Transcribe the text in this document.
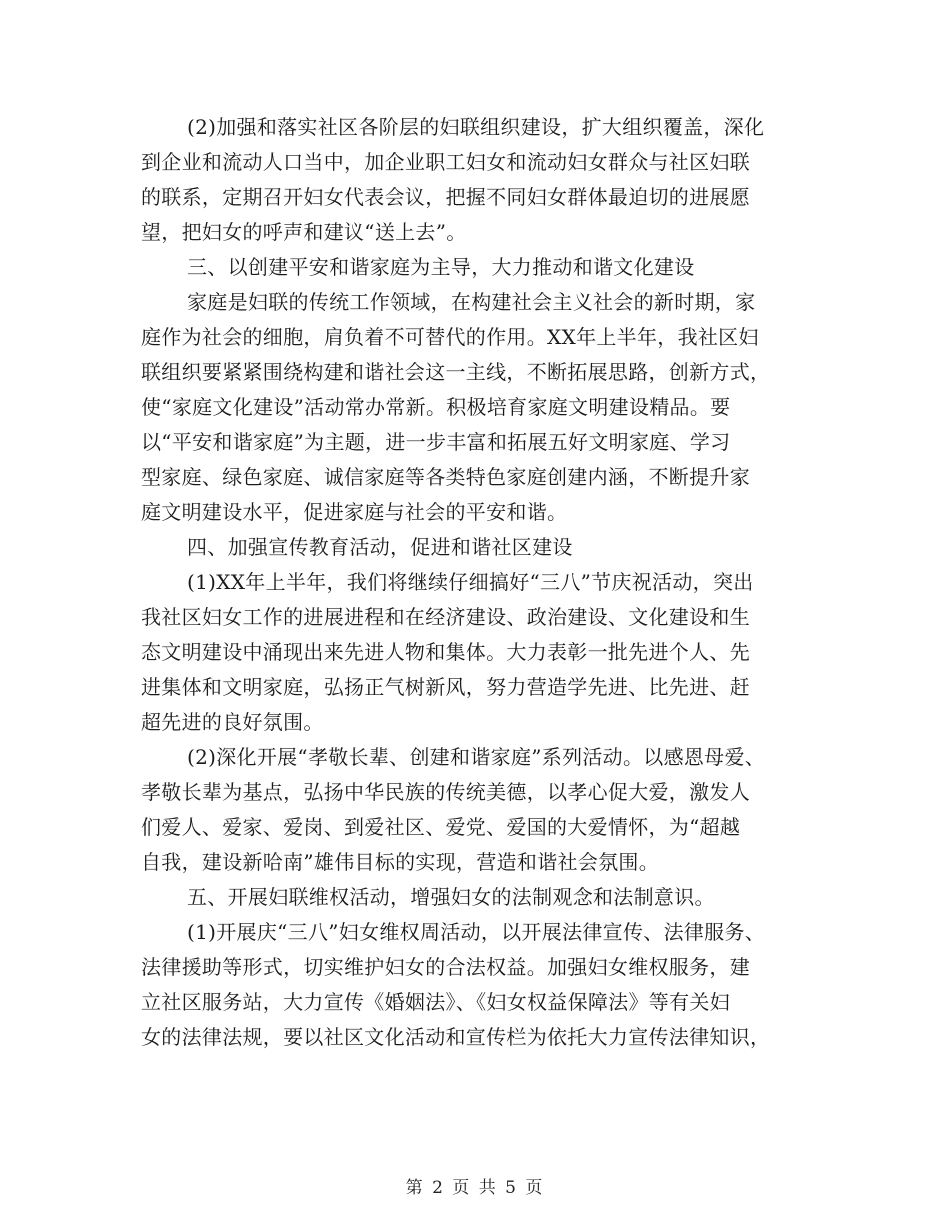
(2)加强和落实社区各阶层的妇联组织建设，扩大组织覆盖，深化
到企业和流动人口当中，加企业职工妇女和流动妇女群众与社区妇联
的联系，定期召开妇女代表会议，把握不同妇女群体最迫切的进展愿
望，把妇女的呼声和建议“送上去”。
三、以创建平安和谐家庭为主导，大力推动和谐文化建设
家庭是妇联的传统工作领域，在构建社会主义社会的新时期，家
庭作为社会的细胞，肩负着不可替代的作用。XX年上半年，我社区妇
联组织要紧紧围绕构建和谐社会这一主线，不断拓展思路，创新方式，
使“家庭文化建设”活动常办常新。积极培育家庭文明建设精品。要
以“平安和谐家庭”为主题，进一步丰富和拓展五好文明家庭、学习
型家庭、绿色家庭、诚信家庭等各类特色家庭创建内涵，不断提升家
庭文明建设水平，促进家庭与社会的平安和谐。
四、加强宣传教育活动，促进和谐社区建设
(1)XX年上半年，我们将继续仔细搞好“三八”节庆祝活动，突出
我社区妇女工作的进展进程和在经济建设、政治建设、文化建设和生
态文明建设中涌现出来先进人物和集体。大力表彰一批先进个人、先
进集体和文明家庭，弘扬正气树新风，努力营造学先进、比先进、赶
超先进的良好氛围。
(2)深化开展“孝敬长辈、创建和谐家庭”系列活动。以感恩母爱、
孝敬长辈为基点，弘扬中华民族的传统美德，以孝心促大爱，激发人
们爱人、爱家、爱岗、到爱社区、爱党、爱国的大爱情怀，为“超越
自我，建设新哈南”雄伟目标的实现，营造和谐社会氛围。
五、开展妇联维权活动，增强妇女的法制观念和法制意识。
(1)开展庆“三八”妇女维权周活动，以开展法律宣传、法律服务、
法律援助等形式，切实维护妇女的合法权益。加强妇女维权服务，建
立社区服务站，大力宣传《婚姻法》、《妇女权益保障法》等有关妇
女的法律法规，要以社区文化活动和宣传栏为依托大力宣传法律知识，
第 2 页 共 5 页
